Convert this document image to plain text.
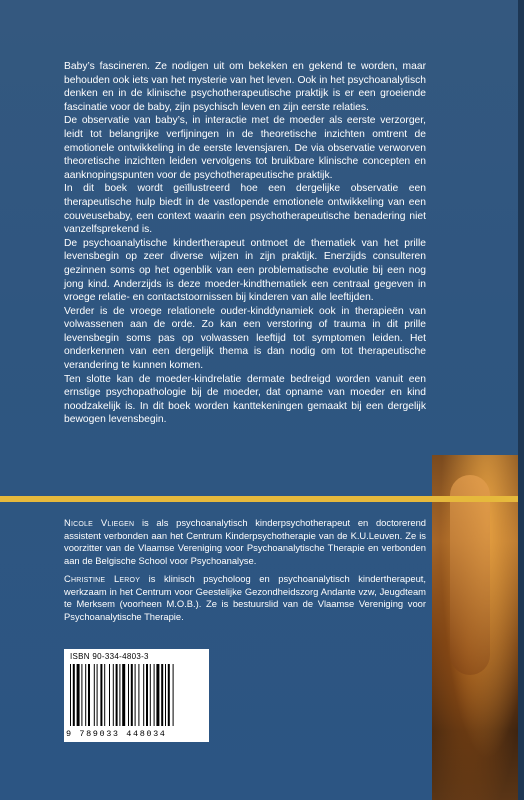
Baby’s fascineren. Ze nodigen uit om bekeken en gekend te worden, maar behouden ook iets van het mysterie van het leven. Ook in het psychoanalytisch denken en in de klinische psychotherapeutische praktijk is er een groeiende fascinatie voor de baby, zijn psychisch leven en zijn eerste relaties.

De observatie van baby’s, in interactie met de moeder als eerste verzorger, leidt tot belangrijke verfijningen in de theoretische inzichten omtrent de emotionele ontwikkeling in de eerste levensjaren. De via observatie verworven theoretische inzichten leiden vervolgens tot bruikbare klinische concepten en aanknopingspunten voor de psychotherapeutische praktijk.

In dit boek wordt geïllustreerd hoe een dergelijke observatie een therapeutische hulp biedt in de vastlopende emotionele ontwikkeling van een couveusebaby, een context waarin een psychotherapeutische benadering niet vanzelfsprekend is.

De psychoanalytische kindertherapeut ontmoet de thematiek van het prille levensbegin op zeer diverse wijzen in zijn praktijk. Enerzijds consulteren gezinnen soms op het ogenblik van een problematische evolutie bij een nog jong kind. Anderzijds is deze moeder-kindthematiek een centraal gegeven in vroege relatie- en contactstoornissen bij kinderen van alle leeftijden.

Verder is de vroege relationele ouder-kinddynamiek ook in therapieën van volwassenen aan de orde. Zo kan een verstoring of trauma in dit prille levensbegin soms pas op volwassen leeftijd tot symptomen leiden. Het onderkennen van een dergelijk thema is dan nodig om tot therapeutische verandering te kunnen komen.

Ten slotte kan de moeder-kindrelatie dermate bedreigd worden vanuit een ernstige psychopathologie bij de moeder, dat opname van moeder en kind noodzakelijk is. In dit boek worden kanttekeningen gemaakt bij een dergelijk bewogen levensbegin.

Nicole Vliegen is als psychoanalytisch kinderpsychotherapeut en doctorerend assistent verbonden aan het Centrum Kinderpsychotherapie van de K.U.Leuven. Ze is voorzitter van de Vlaamse Vereniging voor Psychoanalytische Therapie en verbonden aan de Belgische School voor Psychoanalyse.

Christine Leroy is klinisch psycholoog en psychoanalytisch kindertherapeut, werkzaam in het Centrum voor Geestelijke Gezondheidszorg Andante vzw, Jeugdteam te Merksem (voorheen M.O.B.). Ze is bestuurslid van de Vlaamse Vereniging voor Psychoanalytische Therapie.

ISBN 90-334-4803-3
9 789033 448034
